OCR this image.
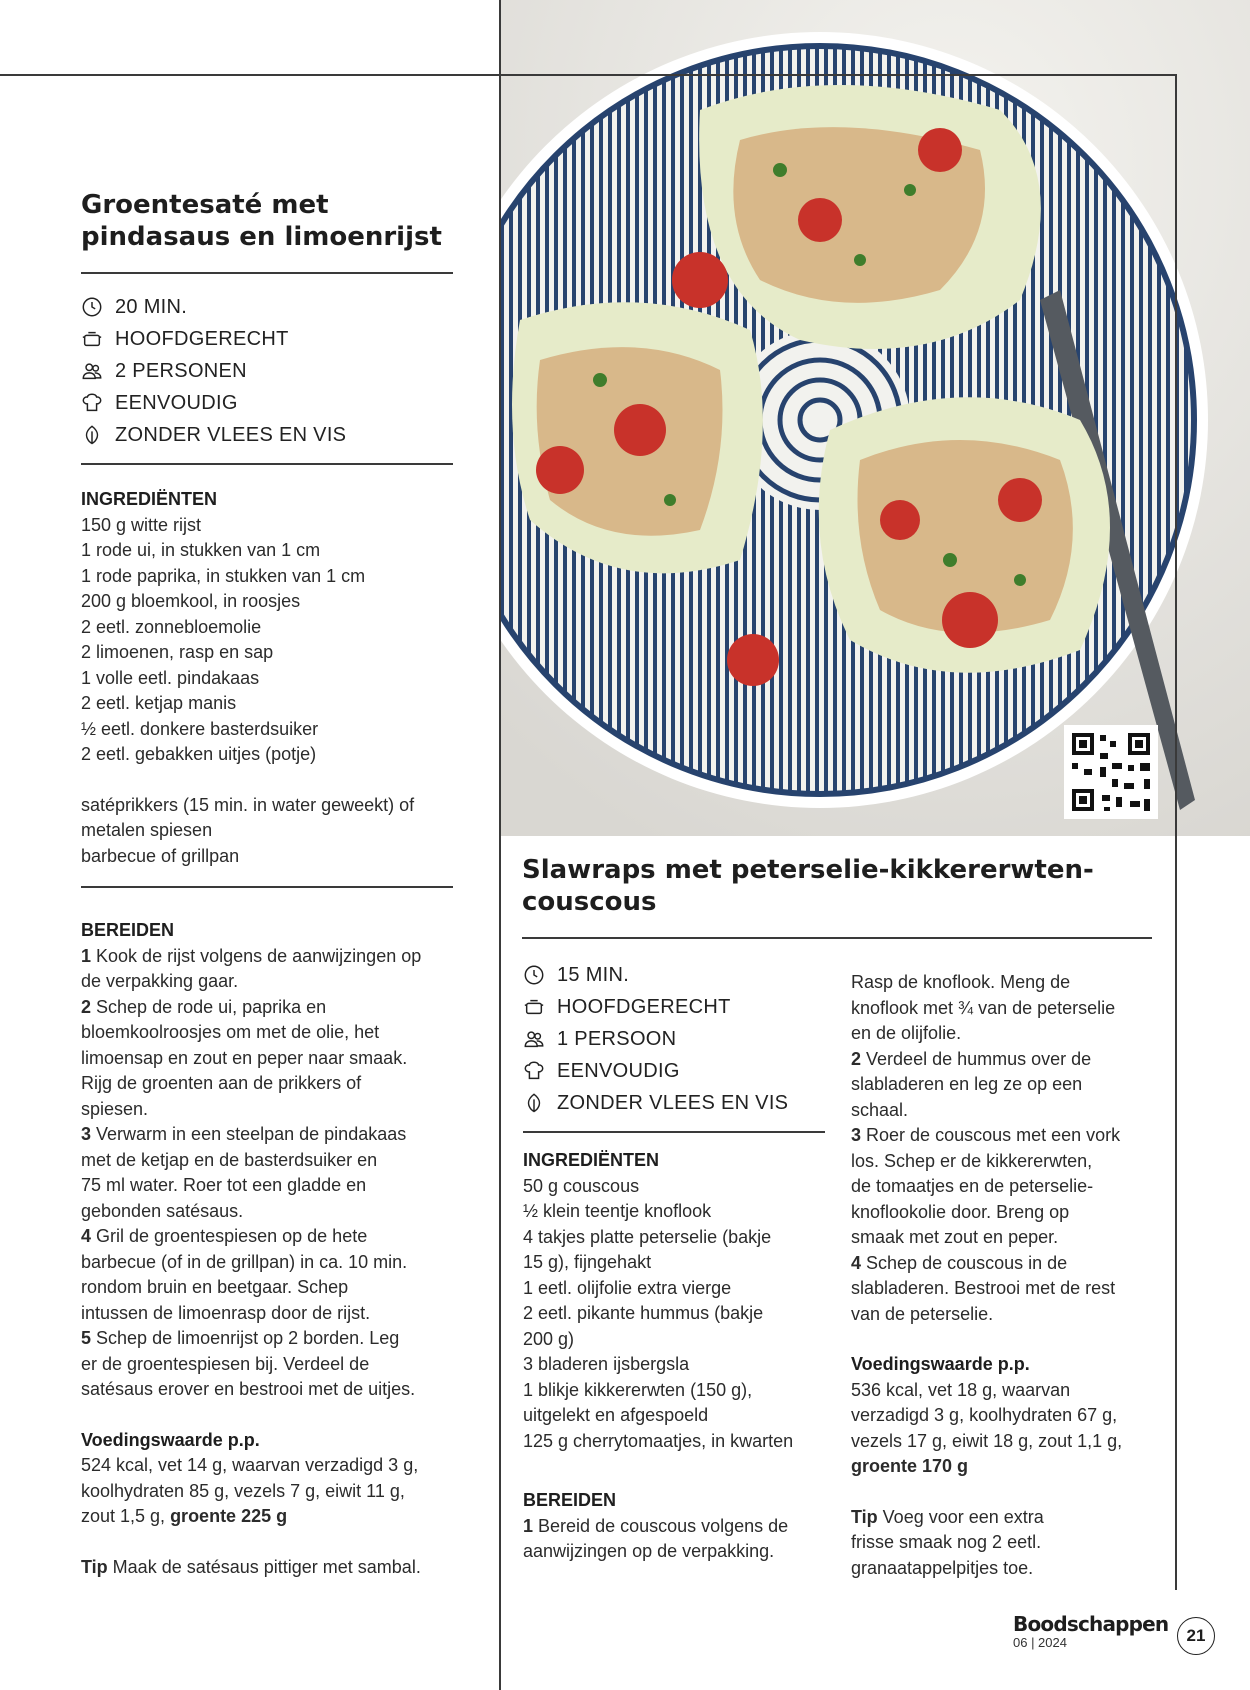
Groentesaté met
pindasaus en limoenrijst
20 MIN.
HOOFDGERECHT
2 PERSONEN
EENVOUDIG
ZONDER VLEES EN VIS
INGREDIËNTEN
150 g witte rijst
1 rode ui, in stukken van 1 cm
1 rode paprika, in stukken van 1 cm
200 g bloemkool, in roosjes
2 eetl. zonnebloemolie
2 limoenen, rasp en sap
1 volle eetl. pindakaas
2 eetl. ketjap manis
½ eetl. donkere basterdsuiker
2 eetl. gebakken uitjes (potje)
satéprikkers (15 min. in water geweekt) of
metalen spiesen
barbecue of grillpan
BEREIDEN
1 Kook de rijst volgens de aanwijzingen op
de verpakking gaar.
2 Schep de rode ui, paprika en
bloemkoolroosjes om met de olie, het
limoensap en zout en peper naar smaak.
Rijg de groenten aan de prikkers of
spiesen.
3 Verwarm in een steelpan de pindakaas
met de ketjap en de basterdsuiker en
75 ml water. Roer tot een gladde en
gebonden satésaus.
4 Gril de groentespiesen op de hete
barbecue (of in de grillpan) in ca. 10 min.
rondom bruin en beetgaar. Schep
intussen de limoenrasp door de rijst.
5 Schep de limoenrijst op 2 borden. Leg
er de groentespiesen bij. Verdeel de
satésaus erover en bestrooi met de uitjes.
Voedingswaarde p.p.
524 kcal, vet 14 g, waarvan verzadigd 3 g,
koolhydraten 85 g, vezels 7 g, eiwit 11 g,
zout 1,5 g, groente 225 g
Tip Maak de satésaus pittiger met sambal.
Slawraps met peterselie-kikkererwten-
couscous
15 MIN.
HOOFDGERECHT
1 PERSOON
EENVOUDIG
ZONDER VLEES EN VIS
INGREDIËNTEN
50 g couscous
½ klein teentje knoflook
4 takjes platte peterselie (bakje
15 g), fijngehakt
1 eetl. olijfolie extra vierge
2 eetl. pikante hummus (bakje
200 g)
3 bladeren ijsbergsla
1 blikje kikkererwten (150 g),
uitgelekt en afgespoeld
125 g cherrytomaatjes, in kwarten
BEREIDEN
1 Bereid de couscous volgens de
aanwijzingen op de verpakking.
Rasp de knoflook. Meng de
knoflook met ¾ van de peterselie
en de olijfolie.
2 Verdeel de hummus over de
slabladeren en leg ze op een
schaal.
3 Roer de couscous met een vork
los. Schep er de kikkererwten,
de tomaatjes en de peterselie-
knoflookolie door. Breng op
smaak met zout en peper.
4 Schep de couscous in de
slabladeren. Bestrooi met de rest
van de peterselie.
Voedingswaarde p.p.
536 kcal, vet 18 g, waarvan
verzadigd 3 g, koolhydraten 67 g,
vezels 17 g, eiwit 18 g, zout 1,1 g,
groente 170 g
Tip Voeg voor een extra
frisse smaak nog 2 eetl.
granaatappelpitjes toe.
Boodschappen
06 | 2024	21
